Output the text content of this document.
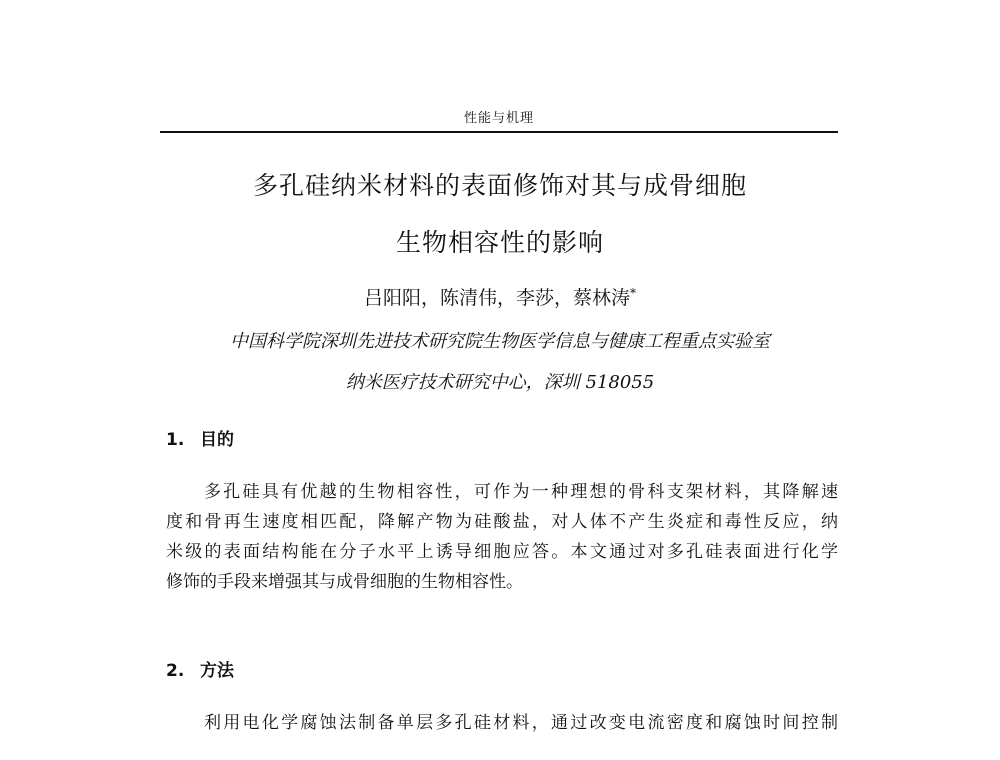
性能与机理
多孔硅纳米材料的表面修饰对其与成骨细胞
生物相容性的影响
吕阳阳，陈清伟，李莎，蔡林涛*
中国科学院深圳先进技术研究院生物医学信息与健康工程重点实验室
纳米医疗技术研究中心，深圳 518055
1. 目的
多孔硅具有优越的生物相容性，可作为一种理想的骨科支架材料，其降解速
度和骨再生速度相匹配，降解产物为硅酸盐，对人体不产生炎症和毒性反应，纳
米级的表面结构能在分子水平上诱导细胞应答。本文通过对多孔硅表面进行化学
修饰的手段来增强其与成骨细胞的生物相容性。
2. 方法
利用电化学腐蚀法制备单层多孔硅材料，通过改变电流密度和腐蚀时间控制
